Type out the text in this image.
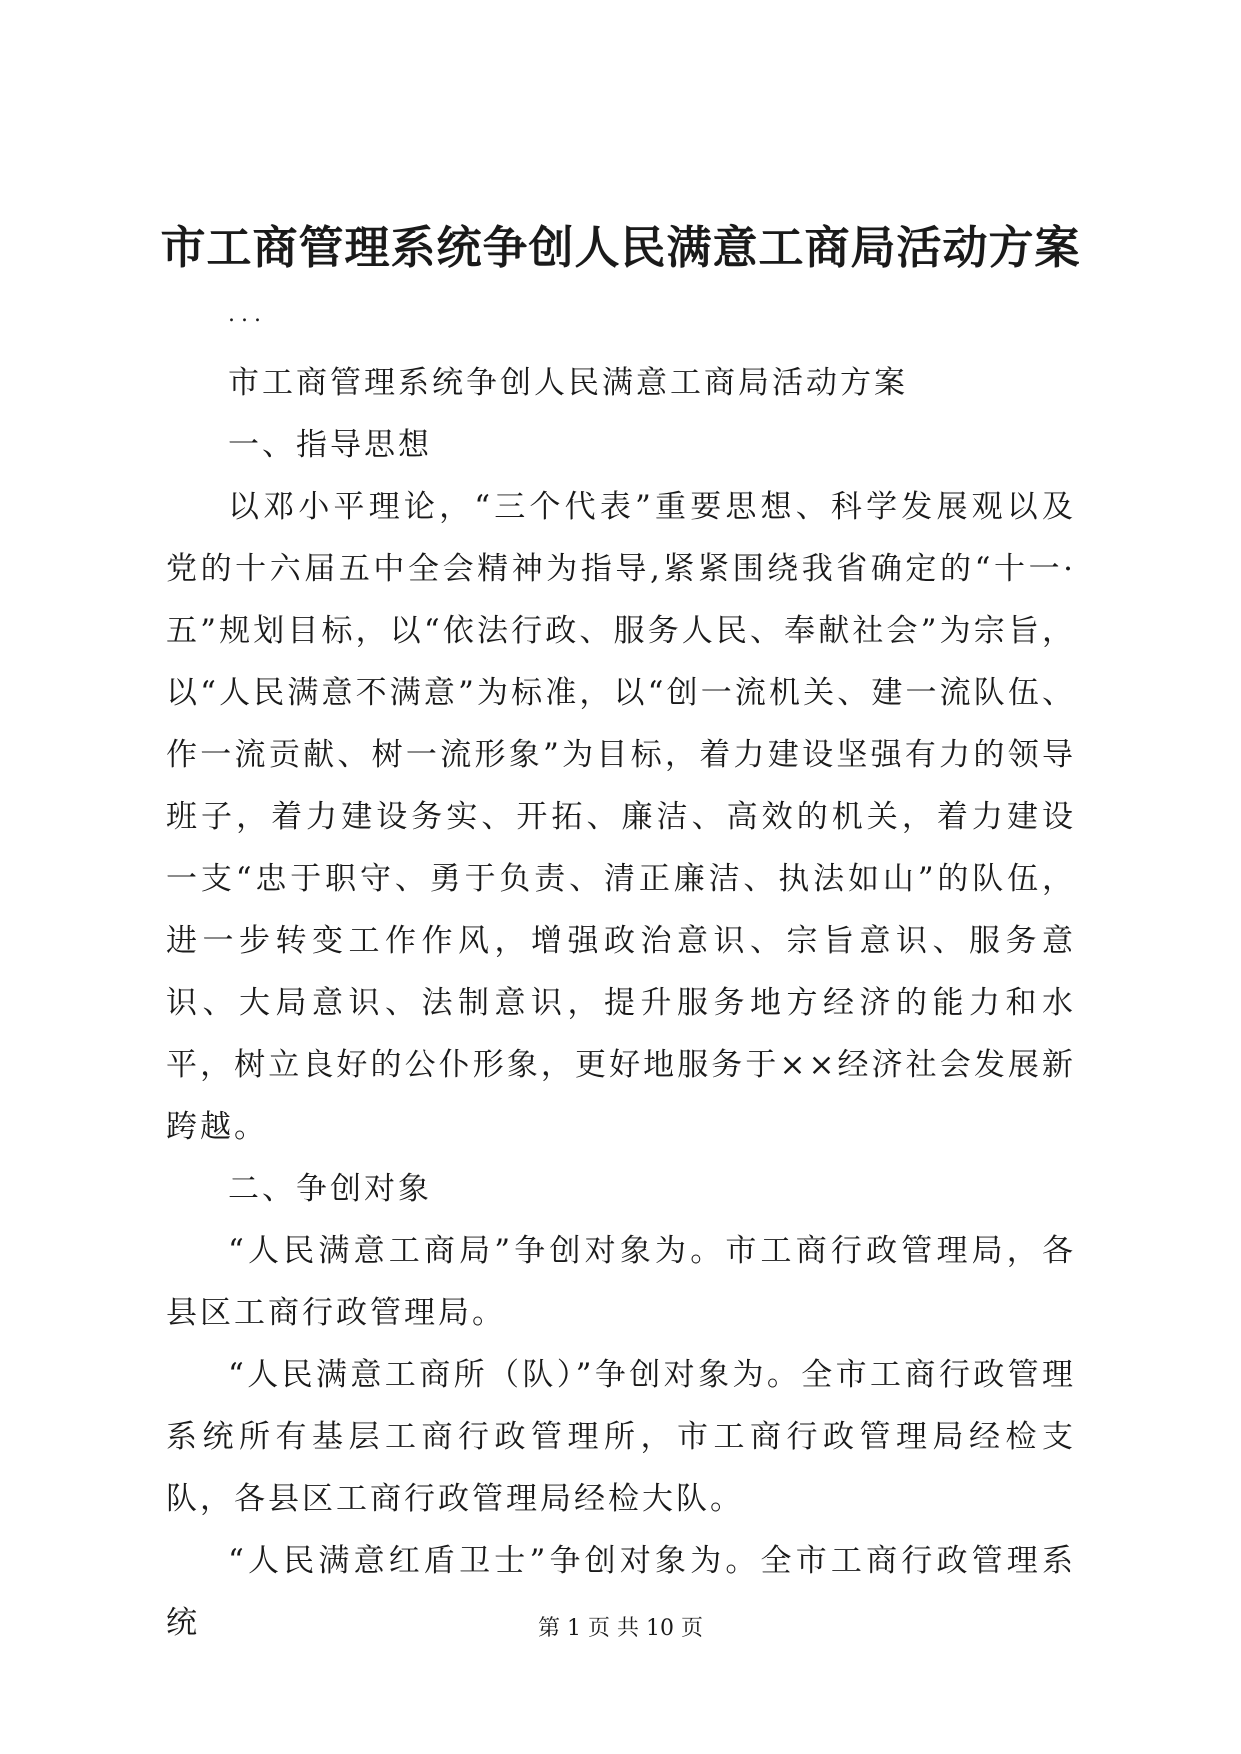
市工商管理系统争创人民满意工商局活动方案
...

市工商管理系统争创人民满意工商局活动方案

一、指导思想

以邓小平理论，“三个代表”重要思想、科学发展观以及党的十六届五中全会精神为指导,紧紧围绕我省确定的“十一·五”规划目标，以“依法行政、服务人民、奉献社会”为宗旨，以“人民满意不满意”为标准，以“创一流机关、建一流队伍、作一流贡献、树一流形象”为目标，着力建设坚强有力的领导班子，着力建设务实、开拓、廉洁、高效的机关，着力建设一支“忠于职守、勇于负责、清正廉洁、执法如山”的队伍，进一步转变工作作风，增强政治意识、宗旨意识、服务意识、大局意识、法制意识，提升服务地方经济的能力和水平，树立良好的公仆形象，更好地服务于××经济社会发展新跨越。

二、争创对象

“人民满意工商局”争创对象为。市工商行政管理局，各县区工商行政管理局。

“人民满意工商所（队）”争创对象为。全市工商行政管理系统所有基层工商行政管理所，市工商行政管理局经检支队，各县区工商行政管理局经检大队。

“人民满意红盾卫士”争创对象为。全市工商行政管理系统	第 1 页 共 10 页
